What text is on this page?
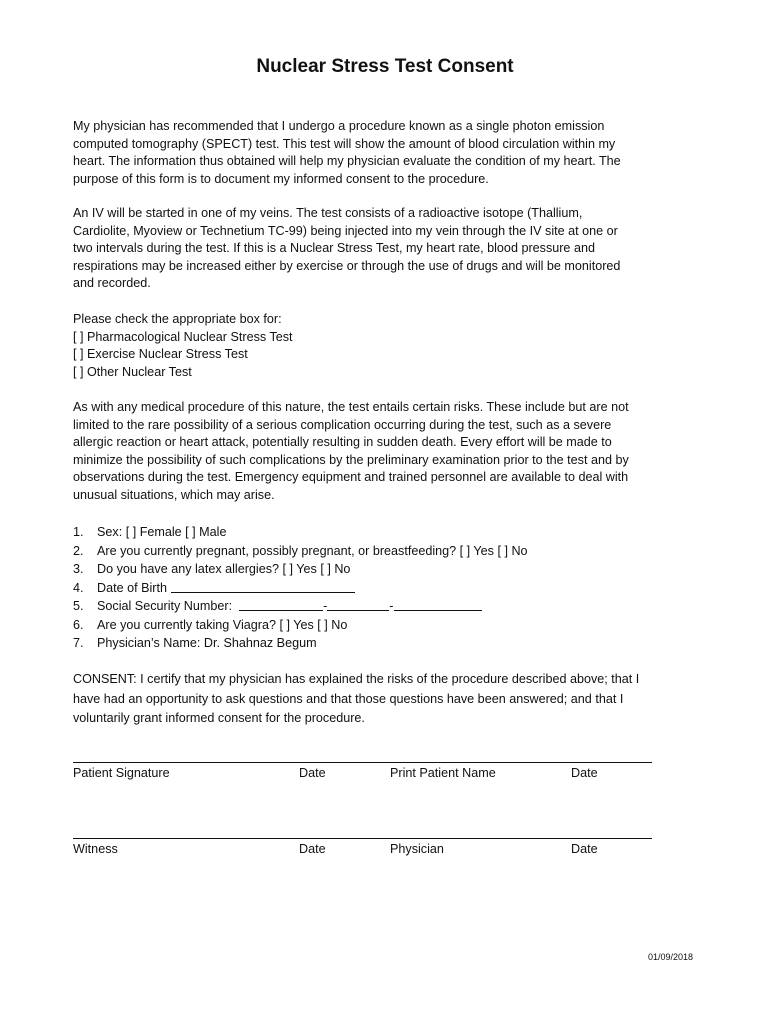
Nuclear Stress Test Consent

My physician has recommended that I undergo a procedure known as a single photon emission
computed tomography (SPECT) test. This test will show the amount of blood circulation within my
heart. The information thus obtained will help my physician evaluate the condition of my heart. The
purpose of this form is to document my informed consent to the procedure.

An IV will be started in one of my veins. The test consists of a radioactive isotope (Thallium,
Cardiolite, Myoview or Technetium TC-99) being injected into my vein through the IV site at one or
two intervals during the test. If this is a Nuclear Stress Test, my heart rate, blood pressure and
respirations may be increased either by exercise or through the use of drugs and will be monitored
and recorded.

Please check the appropriate box for:
[ ] Pharmacological Nuclear Stress Test
[ ] Exercise Nuclear Stress Test
[ ] Other Nuclear Test

As with any medical procedure of this nature, the test entails certain risks. These include but are not
limited to the rare possibility of a serious complication occurring during the test, such as a severe
allergic reaction or heart attack, potentially resulting in sudden death. Every effort will be made to
minimize the possibility of such complications by the preliminary examination prior to the test and by
observations during the test. Emergency equipment and trained personnel are available to deal with
unusual situations, which may arise.

1.	Sex: [ ] Female [ ] Male
2.	Are you currently pregnant, possibly pregnant, or breastfeeding? [ ] Yes [ ] No
3.	Do you have any latex allergies? [ ] Yes [ ] No
4.	Date of Birth
5.	Social Security Number:	-	-
6.	Are you currently taking Viagra? [ ] Yes [ ] No
7.	Physician’s Name: Dr. Shahnaz Begum

CONSENT: I certify that my physician has explained the risks of the procedure described above; that I
have had an opportunity to ask questions and that those questions have been answered; and that I
voluntarily grant informed consent for the procedure.

Patient Signature	Date	Print Patient Name	Date
Witness	Date	Physician	Date
01/09/2018
